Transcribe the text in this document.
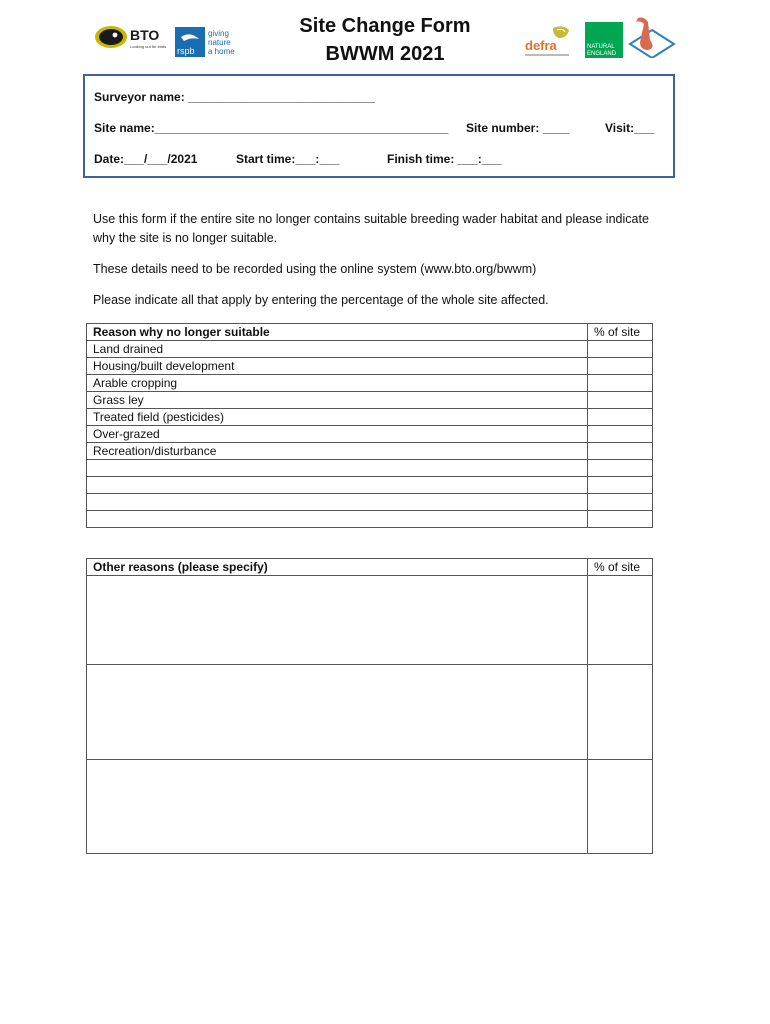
BTO
Looking out for birds rspb
giving
nature
a home	defra	NATURAL
ENGLAND
Site Change Form
BWWM 2021
Surveyor name: ____________________________
Site name:____________________________________________ Site number: ____	Visit:___
Date:___/___/2021	Start time:___:___	Finish time: ___:___
Use this form if the entire site no longer contains suitable breeding wader habitat and please indicate why the site is no longer suitable.
These details need to be recorded using the online system (www.bto.org/bwwm)
Please indicate all that apply by entering the percentage of the whole site affected.
Reason why no longer suitable	% of site
Land drained	
Housing/built development	
Arable cropping	
Grass ley	
Treated field (pesticides)	
Over-grazed	
Recreation/disturbance	

Other reasons (please specify)	% of site
